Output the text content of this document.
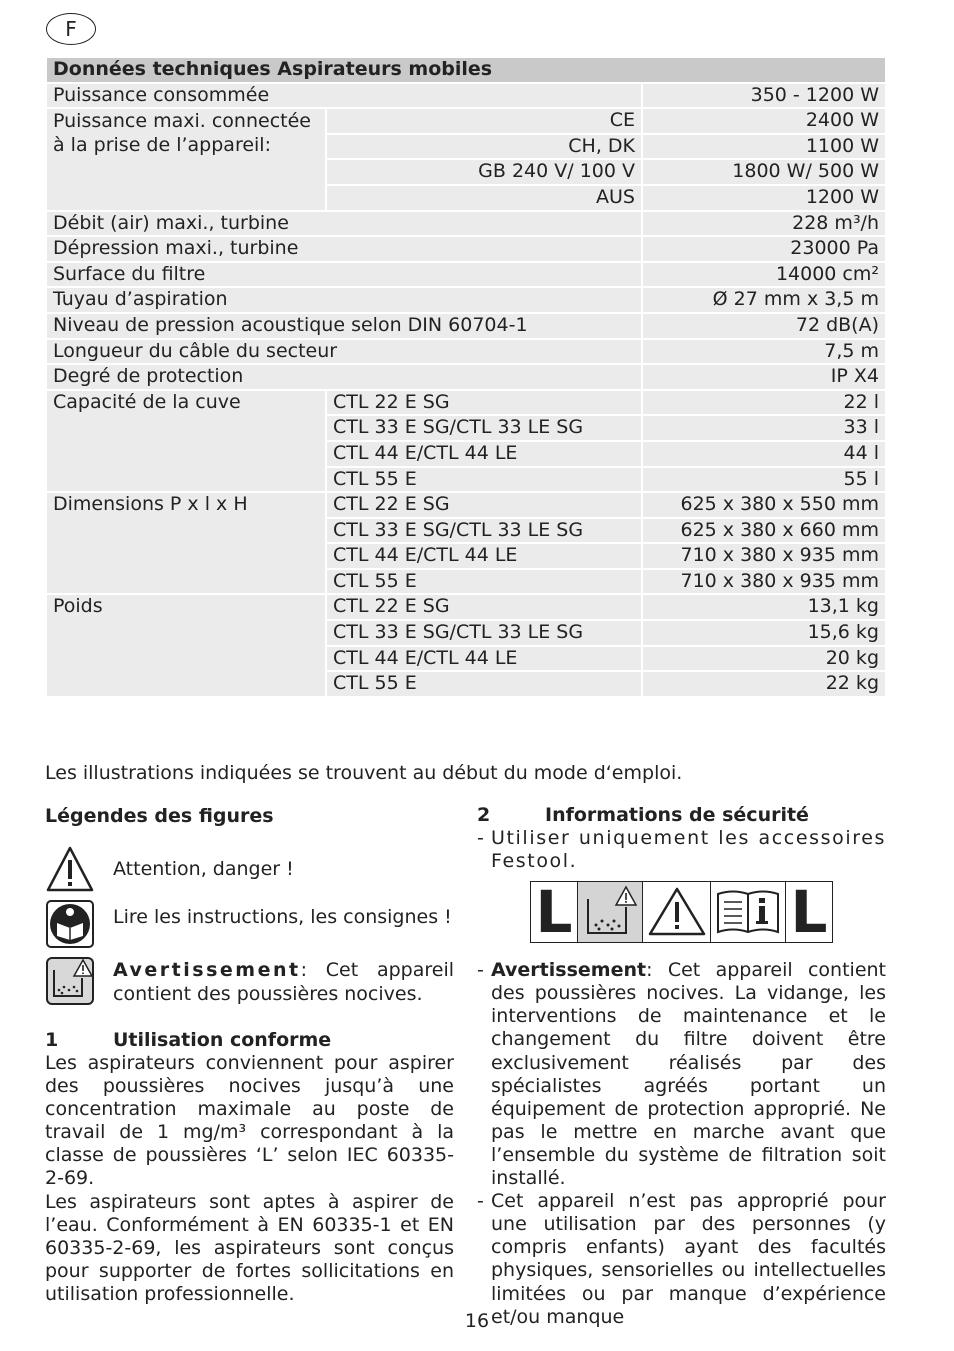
F
Données techniques Aspirateurs mobiles		
Puissance consommée		350 - 1200 W
Puissance maxi. connectée à la prise de l’appareil:	CE	2400 W
	CH, DK	1100 W
	GB 240 V/ 100 V	1800 W/ 500 W
	AUS	1200 W
Débit (air) maxi., turbine		228 m³/h
Dépression maxi., turbine		23000 Pa
Surface du filtre		14000 cm²
Tuyau d’aspiration		Ø 27 mm x 3,5 m
Niveau de pression acoustique selon DIN 60704-1		72 dB(A)
Longueur du câble du secteur		7,5 m
Degré de protection		IP X4
Capacité de la cuve	CTL 22 E SG	22 l
	CTL 33 E SG/CTL 33 LE SG	33 l
	CTL 44 E/CTL 44 LE	44 l
	CTL 55 E	55 l
Dimensions P x l x H	CTL 22 E SG	625 x 380 x 550 mm
	CTL 33 E SG/CTL 33 LE SG	625 x 380 x 660 mm
	CTL 44 E/CTL 44 LE	710 x 380 x 935 mm
	CTL 55 E	710 x 380 x 935 mm
Poids	CTL 22 E SG	13,1 kg
	CTL 33 E SG/CTL 33 LE SG	15,6 kg
	CTL 44 E/CTL 44 LE	20 kg
	CTL 55 E	22 kg
Les illustrations indiquées se trouvent au début du mode d‘emploi.

Légendes des figures

Attention, danger !
Lire les instructions, les consignes !
Avertissement: Cet appareil contient des poussières nocives.

1	Utilisation conforme

Les aspirateurs conviennent pour aspirer des poussières nocives jusqu’à une concentration maximale au poste de travail de 1 mg/m³ correspondant à la classe de poussières ‘L’ selon IEC 60335-2-69.

Les aspirateurs sont aptes à aspirer de l’eau. Conformément à EN 60335-1 et EN 60335-2-69, les aspirateurs sont conçus pour supporter de fortes sollicitations en utilisation professionnelle.

2	Informations de sécurité

- Utiliser uniquement les accessoires Festool.
L	L
- Avertissement: Cet appareil contient des poussières nocives. La vidange, les interventions de maintenance et le changement du filtre doivent être exclusivement réalisés par des spécialistes agréés portant un équipement de protection approprié. Ne pas le mettre en marche avant que l’ensemble du système de filtration soit installé.
- Cet appareil n’est pas approprié pour une utilisation par des personnes (y compris enfants) ayant des facultés physiques, sensorielles ou intellectuelles limitées ou par manque d’expérience et/ou manque
16
